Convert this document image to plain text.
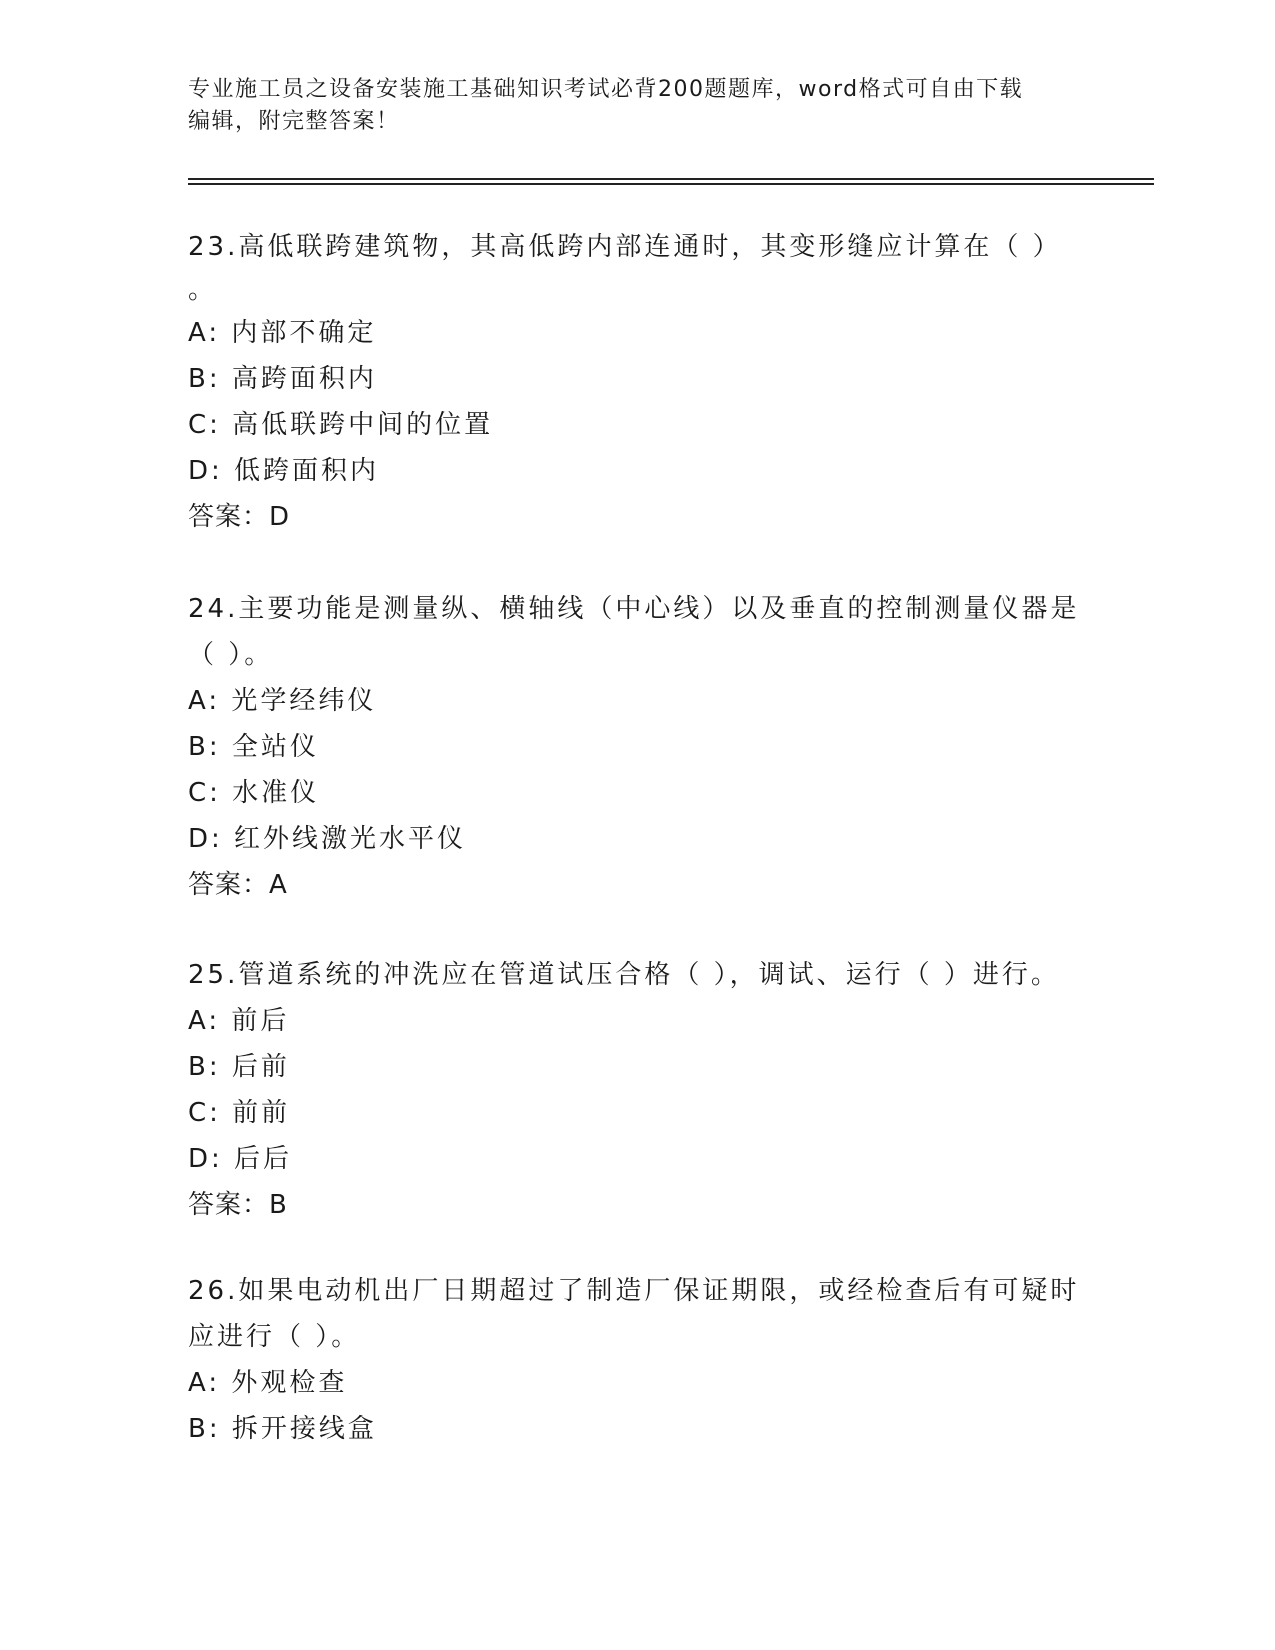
专业施工员之设备安装施工基础知识考试必背200题题库，word格式可自由下载
编辑，附完整答案！
23.高低联跨建筑物，其高低跨内部连通时，其变形缝应计算在（ ）
。
A: 内部不确定
B: 高跨面积内
C: 高低联跨中间的位置
D: 低跨面积内
答案：D
24.主要功能是测量纵、横轴线（中心线）以及垂直的控制测量仪器是
（ ）。
A: 光学经纬仪
B: 全站仪
C: 水准仪
D: 红外线激光水平仪
答案：A
25.管道系统的冲洗应在管道试压合格（ ），调试、运行（ ）进行。
A: 前后
B: 后前
C: 前前
D: 后后
答案：B
26.如果电动机出厂日期超过了制造厂保证期限，或经检查后有可疑时
应进行（ ）。
A: 外观检查
B: 拆开接线盒
